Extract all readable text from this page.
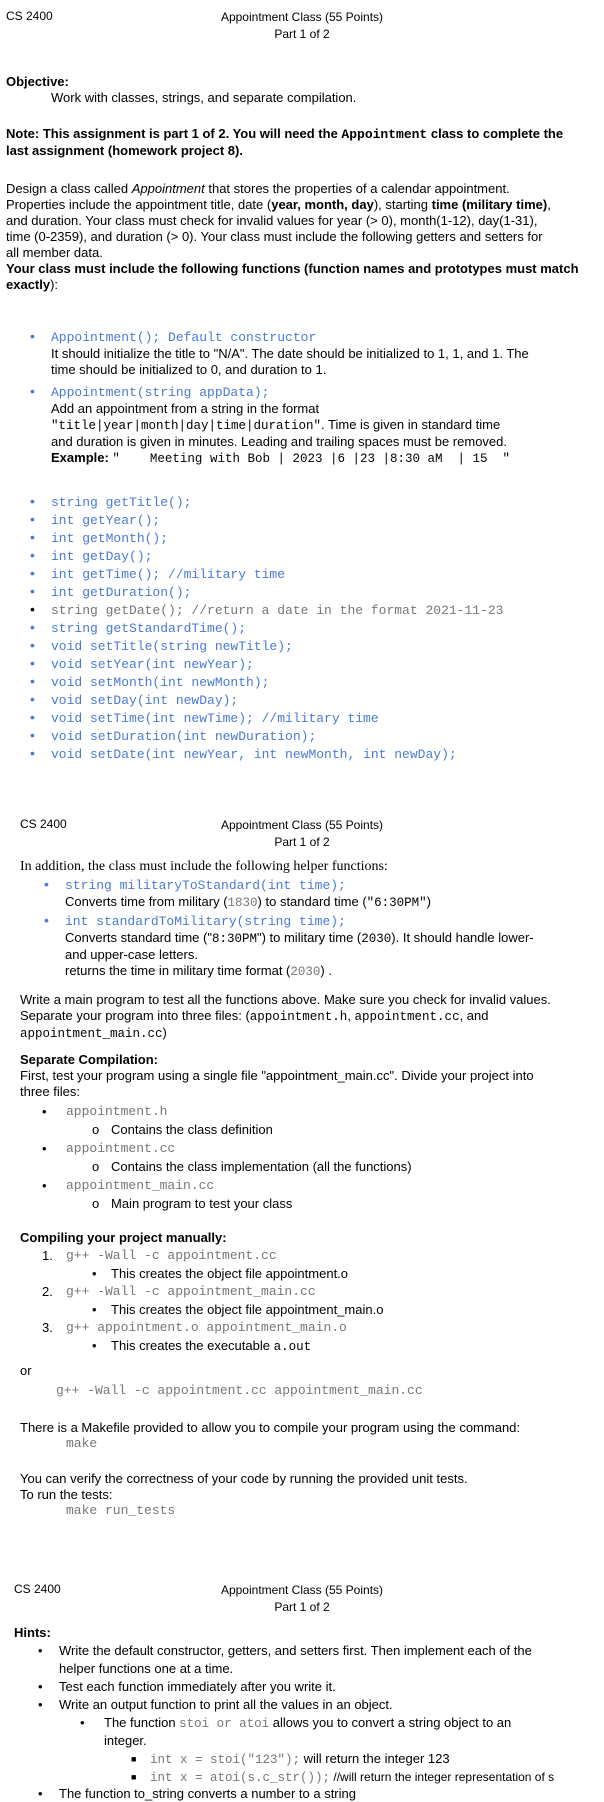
CS 2400	Appointment Class (55 Points)
Part 1 of 2

Objective:

Work with classes, strings, and separate compilation.

Note: This assignment is part 1 of 2. You will need the Appointment class to complete the

last assignment (homework project 8).

Design a class called Appointment that stores the properties of a calendar appointment.

Properties include the appointment title, date (year, month, day), starting time (military time),

and duration. Your class must check for invalid values for year (> 0), month(1-12), day(1-31),

time (0-2359), and duration (> 0). Your class must include the following getters and setters for

all member data.

Your class must include the following functions (function names and prototypes must match

exactly):

• Appointment(); Default constructor

It should initialize the title to "N/A". The date should be initialized to 1, 1, and 1. The

time should be initialized to 0, and duration to 1.

• Appointment(string appData);

Add an appointment from a string in the format

"title|year|month|day|time|duration". Time is given in standard time

and duration is given in minutes. Leading and trailing spaces must be removed.

Example: "    Meeting with Bob | 2023 |6 |23 |8:30 aM  | 15  "

• string getTitle();
• int getYear();
• int getMonth();
• int getDay();
• int getTime(); //military time
• int getDuration();
• string getDate(); //return a date in the format 2021-11-23
• string getStandardTime();
• void setTitle(string newTitle);
• void setYear(int newYear);
• void setMonth(int newMonth);
• void setDay(int newDay);
• void setTime(int newTime); //military time
• void setDuration(int newDuration);
• void setDate(int newYear, int newMonth, int newDay);
CS 2400	Appointment Class (55 Points)
Part 1 of 2

In addition, the class must include the following helper functions:

• string militaryToStandard(int time);

Converts time from military (1830) to standard time ("6:30PM")

• int standardToMilitary(string time);

Converts standard time ("8:30PM") to military time (2030). It should handle lower-

and upper-case letters.

returns the time in military time format (2030) .

Write a main program to test all the functions above. Make sure you check for invalid values.

Separate your program into three files: (appointment.h, appointment.cc, and

appointment_main.cc)

Separate Compilation:

First, test your program using a single file "appointment_main.cc". Divide your project into

three files:

• appointment.h
o Contains the class definition
• appointment.cc
o Contains the class implementation (all the functions)
• appointment_main.cc
o Main program to test your class

Compiling your project manually:

1. g++ -Wall -c appointment.cc
• This creates the object file appointment.o
2. g++ -Wall -c appointment_main.cc
• This creates the object file appointment_main.o
3. g++ appointment.o appointment_main.o
• This creates the executable a.out

or

g++ -Wall -c appointment.cc appointment_main.cc

There is a Makefile provided to allow you to compile your program using the command:

make

You can verify the correctness of your code by running the provided unit tests.

To run the tests:

make run_tests

CS 2400	Appointment Class (55 Points)
Part 1 of 2

Hints:

• Write the default constructor, getters, and setters first. Then implement each of the
helper functions one at a time.
• Test each function immediately after you write it.
• Write an output function to print all the values in an object.
• The function stoi or atoi allows you to convert a string object to an
integer.
■ int x = stoi("123"); will return the integer 123
■ int x = atoi(s.c_str()); //will return the integer representation of s
• The function to_string converts a number to a string
